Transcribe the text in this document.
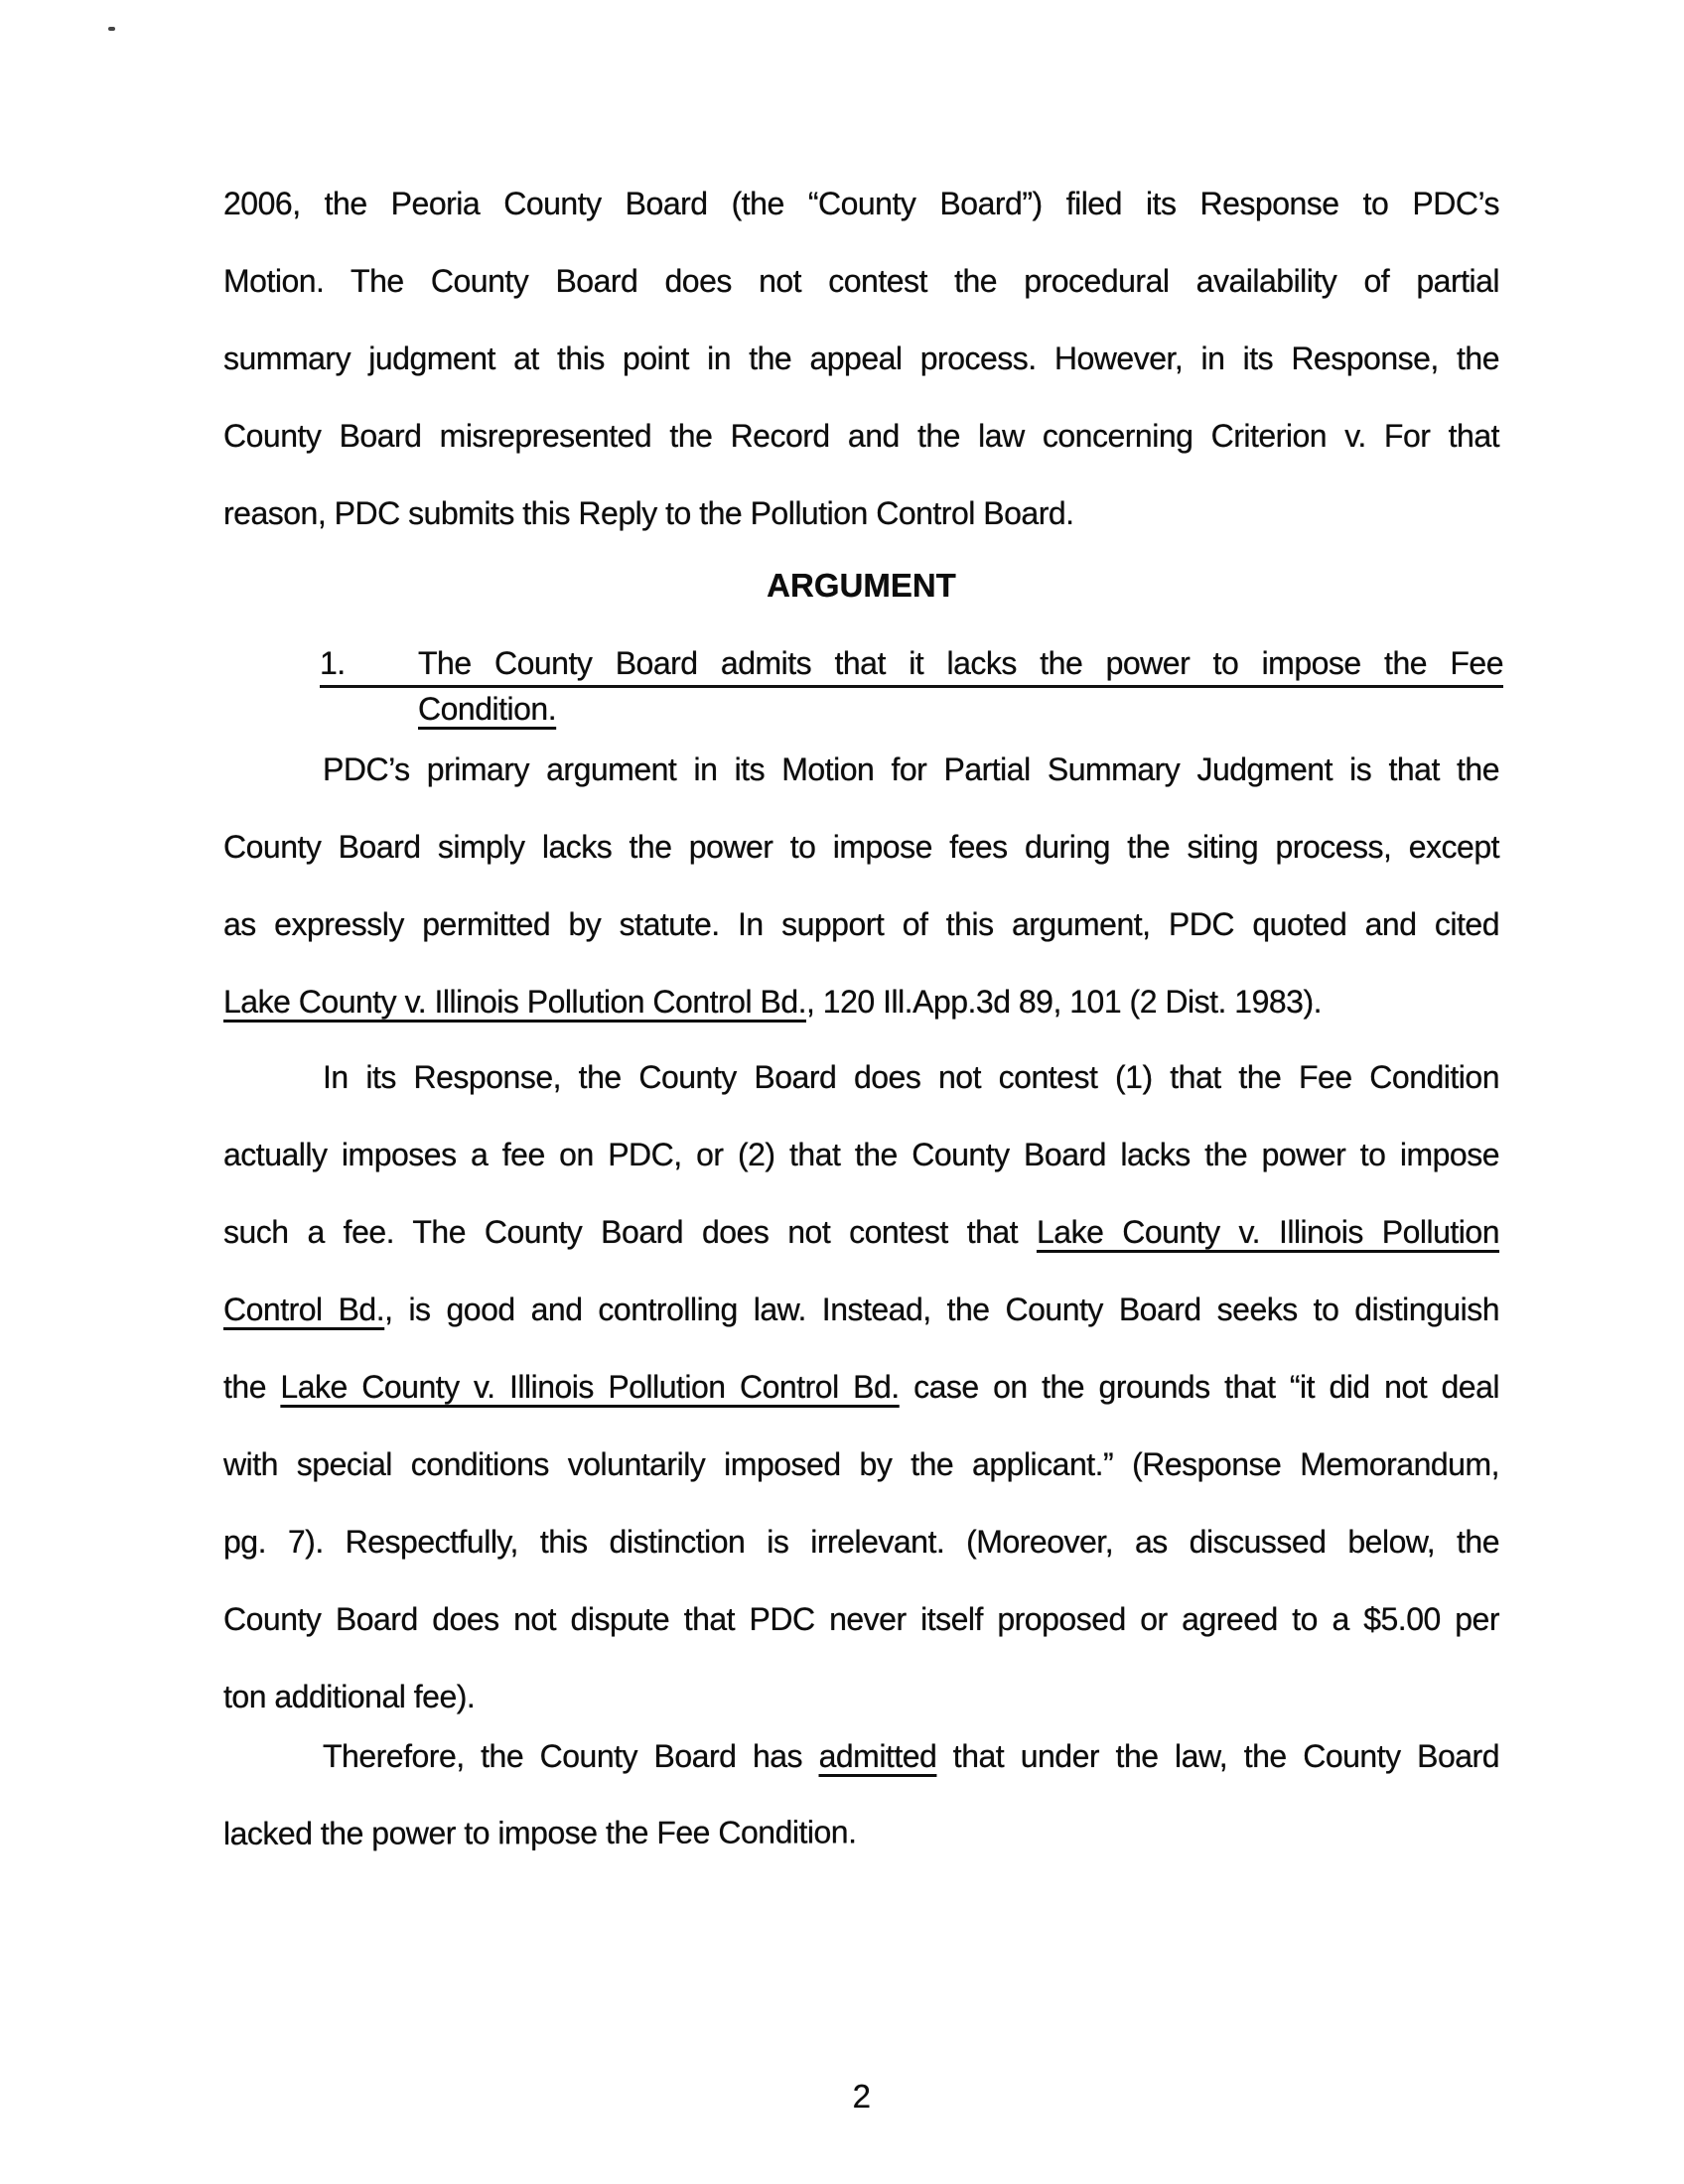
2006, the Peoria County Board (the “County Board”) filed its Response to PDC’s
Motion. The County Board does not contest the procedural availability of partial
summary judgment at this point in the appeal process. However, in its Response, the
County Board misrepresented the Record and the law concerning Criterion v. For that
reason, PDC submits this Reply to the Pollution Control Board.
ARGUMENT
1.	The County Board admits that it lacks the power to impose the Fee
Condition.
PDC’s primary argument in its Motion for Partial Summary Judgment is that the
County Board simply lacks the power to impose fees during the siting process, except
as expressly permitted by statute. In support of this argument, PDC quoted and cited
Lake County v. Illinois Pollution Control Bd., 120 Ill.App.3d 89, 101 (2 Dist. 1983).
In its Response, the County Board does not contest (1) that the Fee Condition
actually imposes a fee on PDC, or (2) that the County Board lacks the power to impose
such a fee. The County Board does not contest that Lake County v. Illinois Pollution
Control Bd., is good and controlling law. Instead, the County Board seeks to distinguish
the Lake County v. Illinois Pollution Control Bd. case on the grounds that “it did not deal
with special conditions voluntarily imposed by the applicant.” (Response Memorandum,
pg. 7). Respectfully, this distinction is irrelevant. (Moreover, as discussed below, the
County Board does not dispute that PDC never itself proposed or agreed to a $5.00 per
ton additional fee).
Therefore, the County Board has admitted that under the law, the County Board
lacked the power to impose the Fee Condition.
2
